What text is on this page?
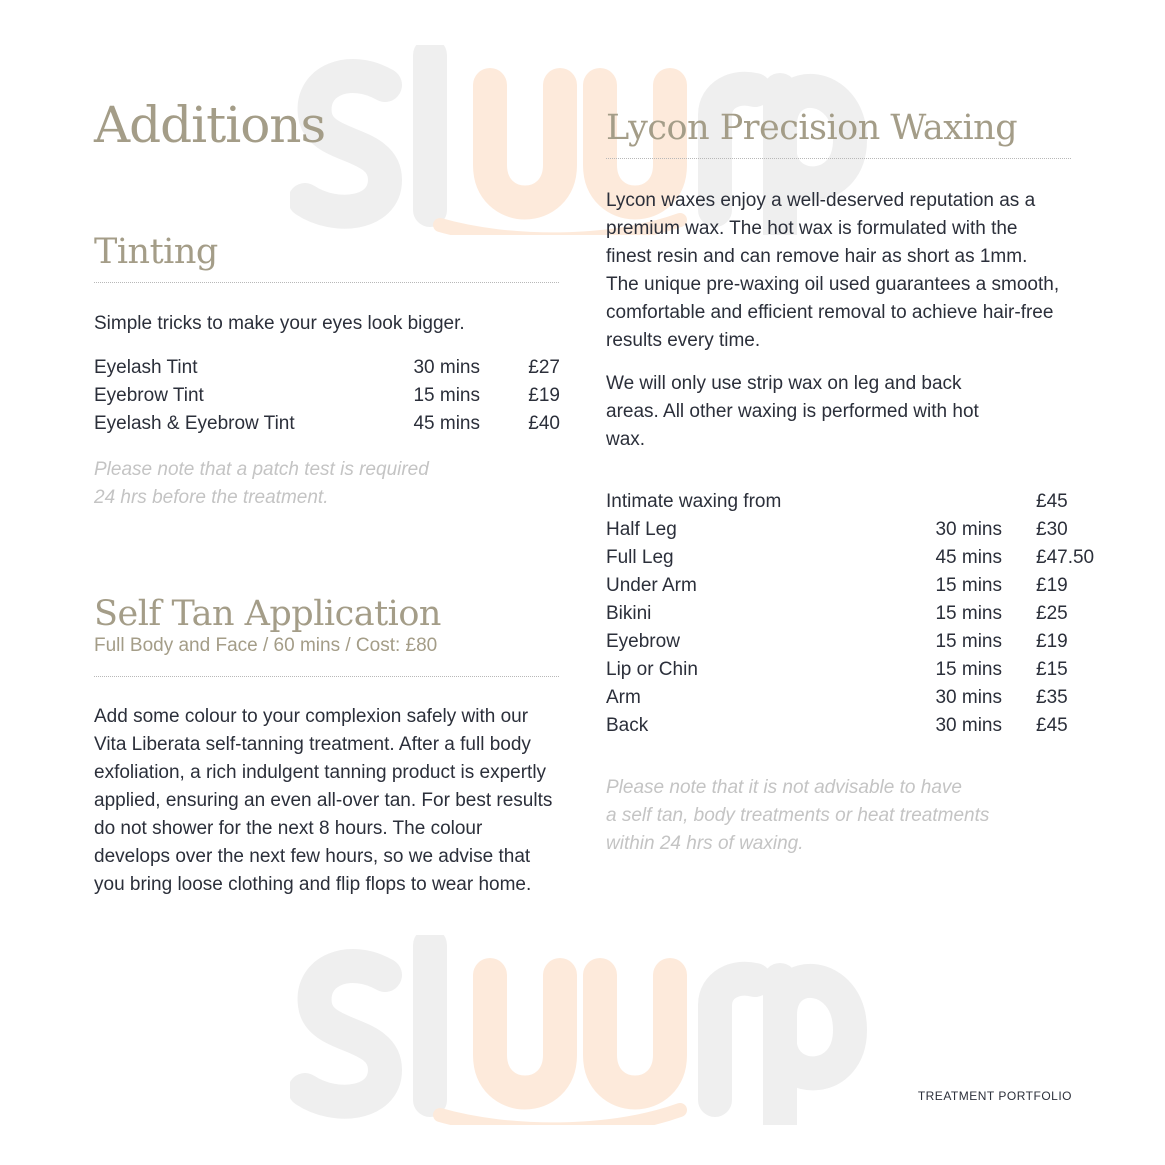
Additions
Tinting

Simple tricks to make your eyes look bigger.

Eyelash Tint	30 mins	£27
Eyebrow Tint	15 mins	£19
Eyelash & Eyebrow Tint	45 mins	£40
Please note that a patch test is required
24 hrs before the treatment.
Self Tan Application
Full Body and Face / 60 mins / Cost: £80

Add some colour to your complexion safely with our Vita Liberata self-tanning treatment. After a full body exfoliation, a rich indulgent tanning product is expertly applied, ensuring an even all-over tan. For best results do not shower for the next 8 hours. The colour develops over the next few hours, so we advise that you bring loose clothing and flip flops to wear home.

Lycon Precision Waxing

Lycon waxes enjoy a well-deserved reputation as a premium wax. The hot wax is formulated with the finest resin and can remove hair as short as 1mm. The unique pre-waxing oil used guarantees a smooth, comfortable and efficient removal to achieve hair-free results every time.

We will only use strip wax on leg and back areas. All other waxing is performed with hot wax.

Intimate waxing from	£45
Half Leg	30 mins £30
Full Leg	45 mins £47.50
Under Arm	15 mins £19
Bikini	15 mins £25
Eyebrow	15 mins £19
Lip or Chin	15 mins £15
Arm	30 mins £35
Back	30 mins £45
Please note that it is not advisable to have
a self tan, body treatments or heat treatments
within 24 hrs of waxing.
TREATMENT PORTFOLIO
